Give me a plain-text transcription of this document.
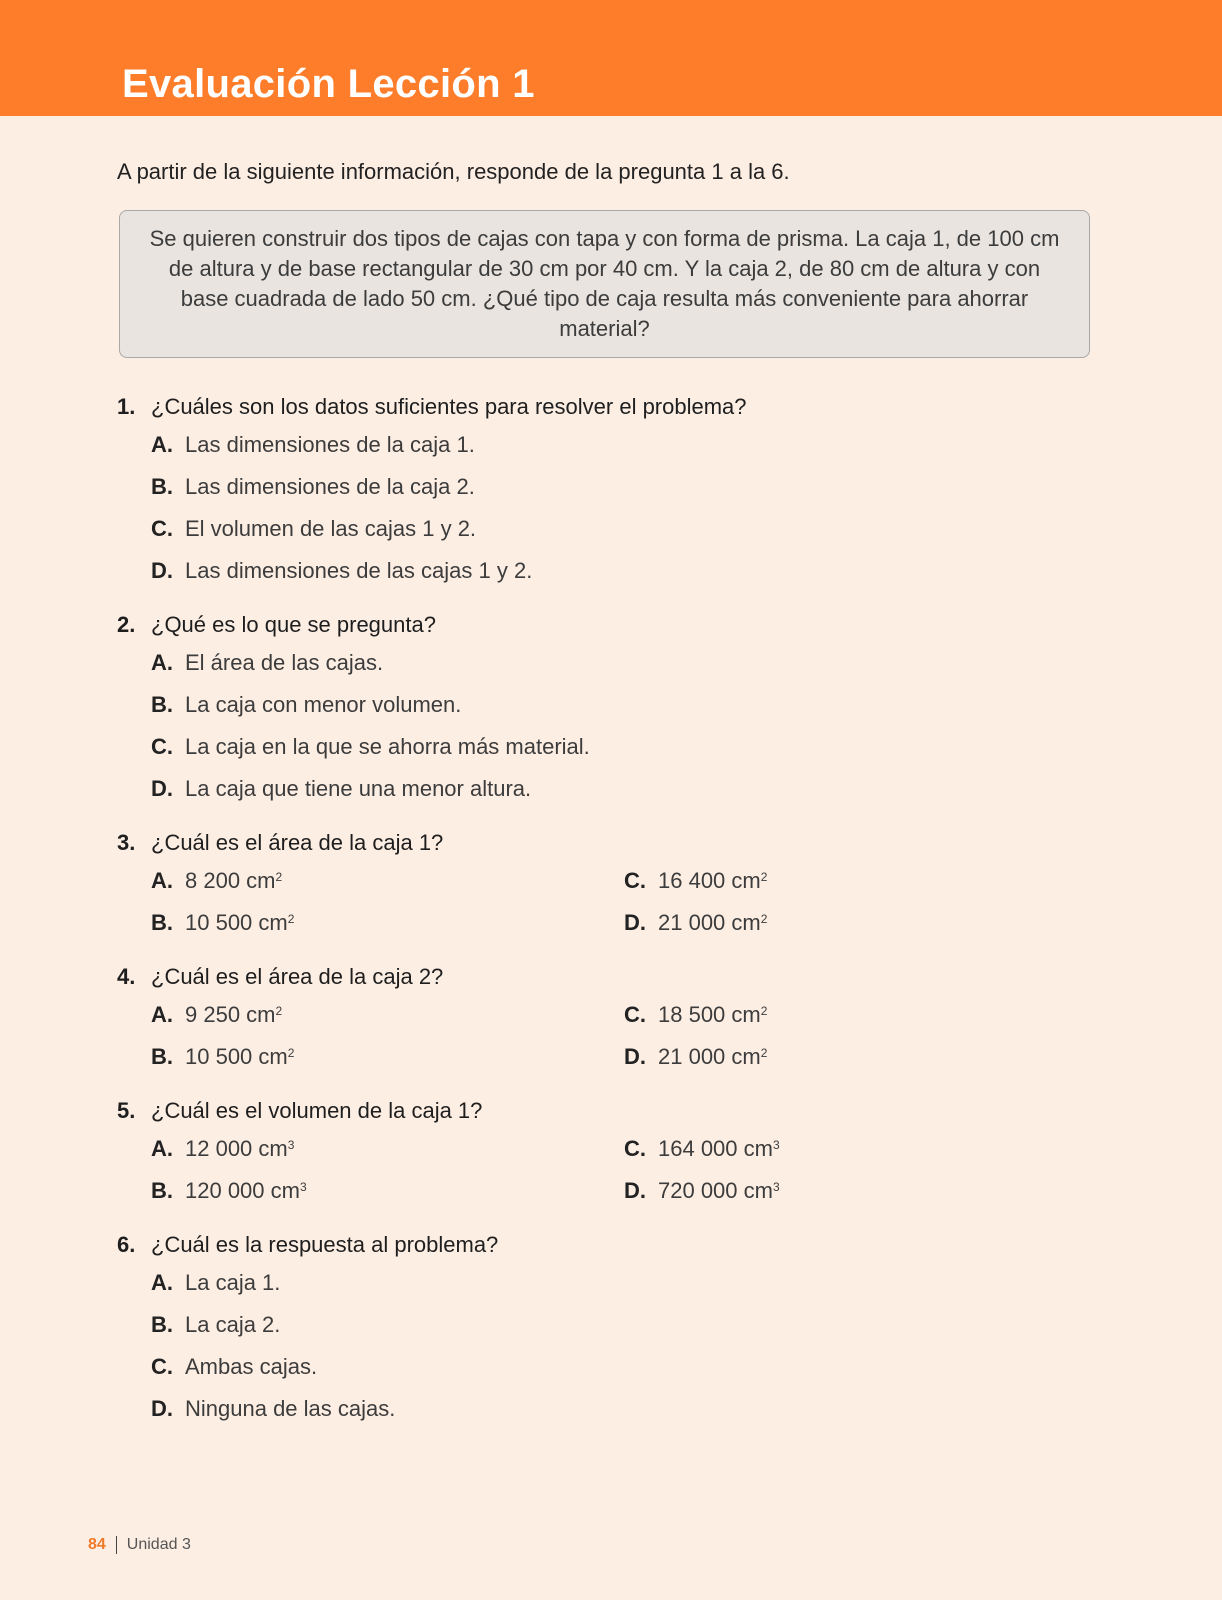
Evaluación Lección 1
A partir de la siguiente información, responde de la pregunta 1 a la 6.

Se quieren construir dos tipos de cajas con tapa y con forma de prisma. La caja 1, de 100 cm de altura y de base rectangular de 30 cm por 40 cm. Y la caja 2, de 80 cm de altura y con base cuadrada de lado 50 cm. ¿Qué tipo de caja resulta más conveniente para ahorrar material?

1. ¿Cuáles son los datos suficientes para resolver el problema?
A. Las dimensiones de la caja 1.
B. Las dimensiones de la caja 2.
C. El volumen de las cajas 1 y 2.
D. Las dimensiones de las cajas 1 y 2.
2. ¿Qué es lo que se pregunta?
A. El área de las cajas.
B. La caja con menor volumen.
C. La caja en la que se ahorra más material.
D. La caja que tiene una menor altura.
3. ¿Cuál es el área de la caja 1?
A. 8 200 $cm^2$	C. 16 400 $cm^2$
B. 10 500 $cm^2$	D. 21 000 $cm^2$
4. ¿Cuál es el área de la caja 2?
A. 9 250 $cm^2$	C. 18 500 $cm^2$
B. 10 500 $cm^2$	D. 21 000 $cm^2$
5. ¿Cuál es el volumen de la caja 1?
A. 12 000 $cm^3$	C. 164 000 $cm^3$
B. 120 000 $cm^3$	D. 720 000 $cm^3$
6. ¿Cuál es la respuesta al problema?
A. La caja 1.
B. La caja 2.
C. Ambas cajas.
D. Ninguna de las cajas.
84 Unidad 3
